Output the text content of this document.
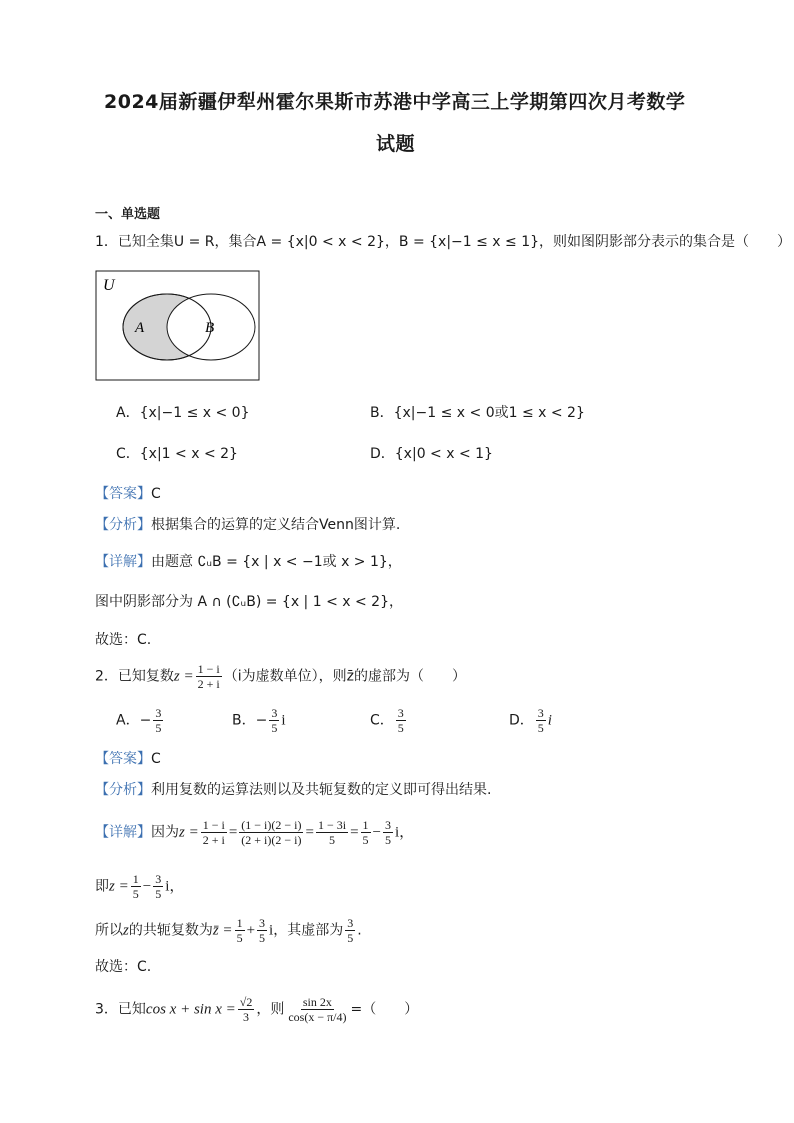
2024届新疆伊犁州霍尔果斯市苏港中学高三上学期第四次月考数学
试题
一、单选题
1．已知全集U = R，集合A = {x|0 < x < 2}，B = {x|−1 ≤ x ≤ 1}，则如图阴影部分表示的集合是（　　）
U
A	B
A．{x|−1 ≤ x < 0}	B．{x|−1 ≤ x < 0或1 ≤ x < 2}
C．{x|1 < x < 2}	D．{x|0 < x < 1}
【答案】C
【分析】根据集合的运算的定义结合Venn图计算.
【详解】由题意 ∁ᵤB = {x | x < −1或 x > 1}，
图中阴影部分为 A ∩ (∁ᵤB) = {x | 1 < x < 2}，
故选：C.
2．已知复数$z = \frac{1 - i}{2 + i} (i$为虚数单位），则z̄的虚部为（　　）
A．− $\frac{3}{5}$	B．− $\frac{3}{5}$ i	C． $\frac{3}{5}$	D． $\frac{3}{5}$ i
【答案】C
【分析】利用复数的运算法则以及共轭复数的定义即可得出结果.
【详解】因为$z = \frac{1 - i}{2 + i} = \frac{(1 - i)(2 - i)}{(2 + i)(2 - i)} = \frac{1 - 3i}{5} = \frac{1}{5} - \frac{3}{5}$ i，
即$z = \frac{1}{5} - \frac{3}{5}$ i，
所以z的共轭复数为z̄ = $\frac{1}{5} + \frac{3}{5}$ i，其虚部为 $\frac{3}{5}$ .
故选：C.
3．已知$\cos x + \sin x = \frac{√2}{3}$ ，则 $\frac{\sin 2x}{\cos(x - \pi/4)}$ =（　　）
